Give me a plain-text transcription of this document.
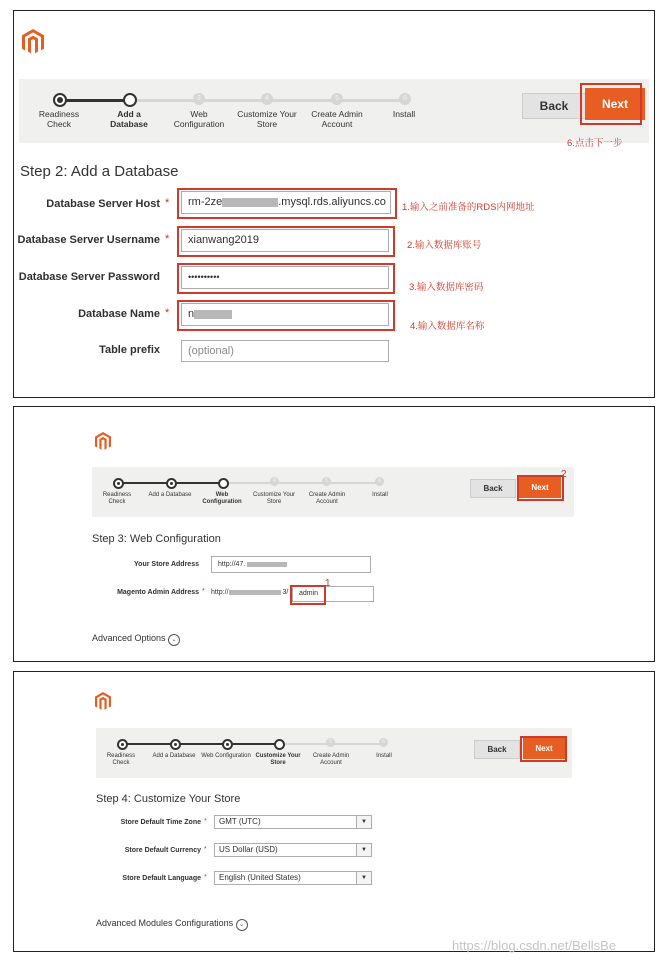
3	4	5	6
Readiness Check
Add a Database
Web Configuration
Customize Your Store
Create Admin Account
Install
Back	Next
6.点击下一步
Step 2: Add a Database
Database Server Host *	rm-2ze	.mysql.rds.aliyuncs.co	1.输入之前准备的RDS内网地址
Database Server Username *	xianwang2019	2.输入数据库账号
Database Server Password	••••••••••
3.输入数据库密码
Database Name *	n
4.输入数据库名称
Table prefix	(optional)
4	5	6
Readiness Check
Add a Database	Web Configuration
Customize Your Store
Create Admin Account
Install
Back	Next
2
Step 3: Web Configuration
Your Store Address	http://47.
Magento Admin Address * http://	3/	admin
1
Advanced Options ⌄
5	6
Readiness Check
Add a Database Web Configuration Customize Your Store
Create Admin Account
Install
Back	Next
Step 4: Customize Your Store
Store Default Time Zone *	GMT (UTC)	▼
Store Default Currency *	US Dollar (USD)	▼
Store Default Language *	English (United States)	▼
Advanced Modules Configurations ⌄
https://blog.csdn.net/BellsBe
